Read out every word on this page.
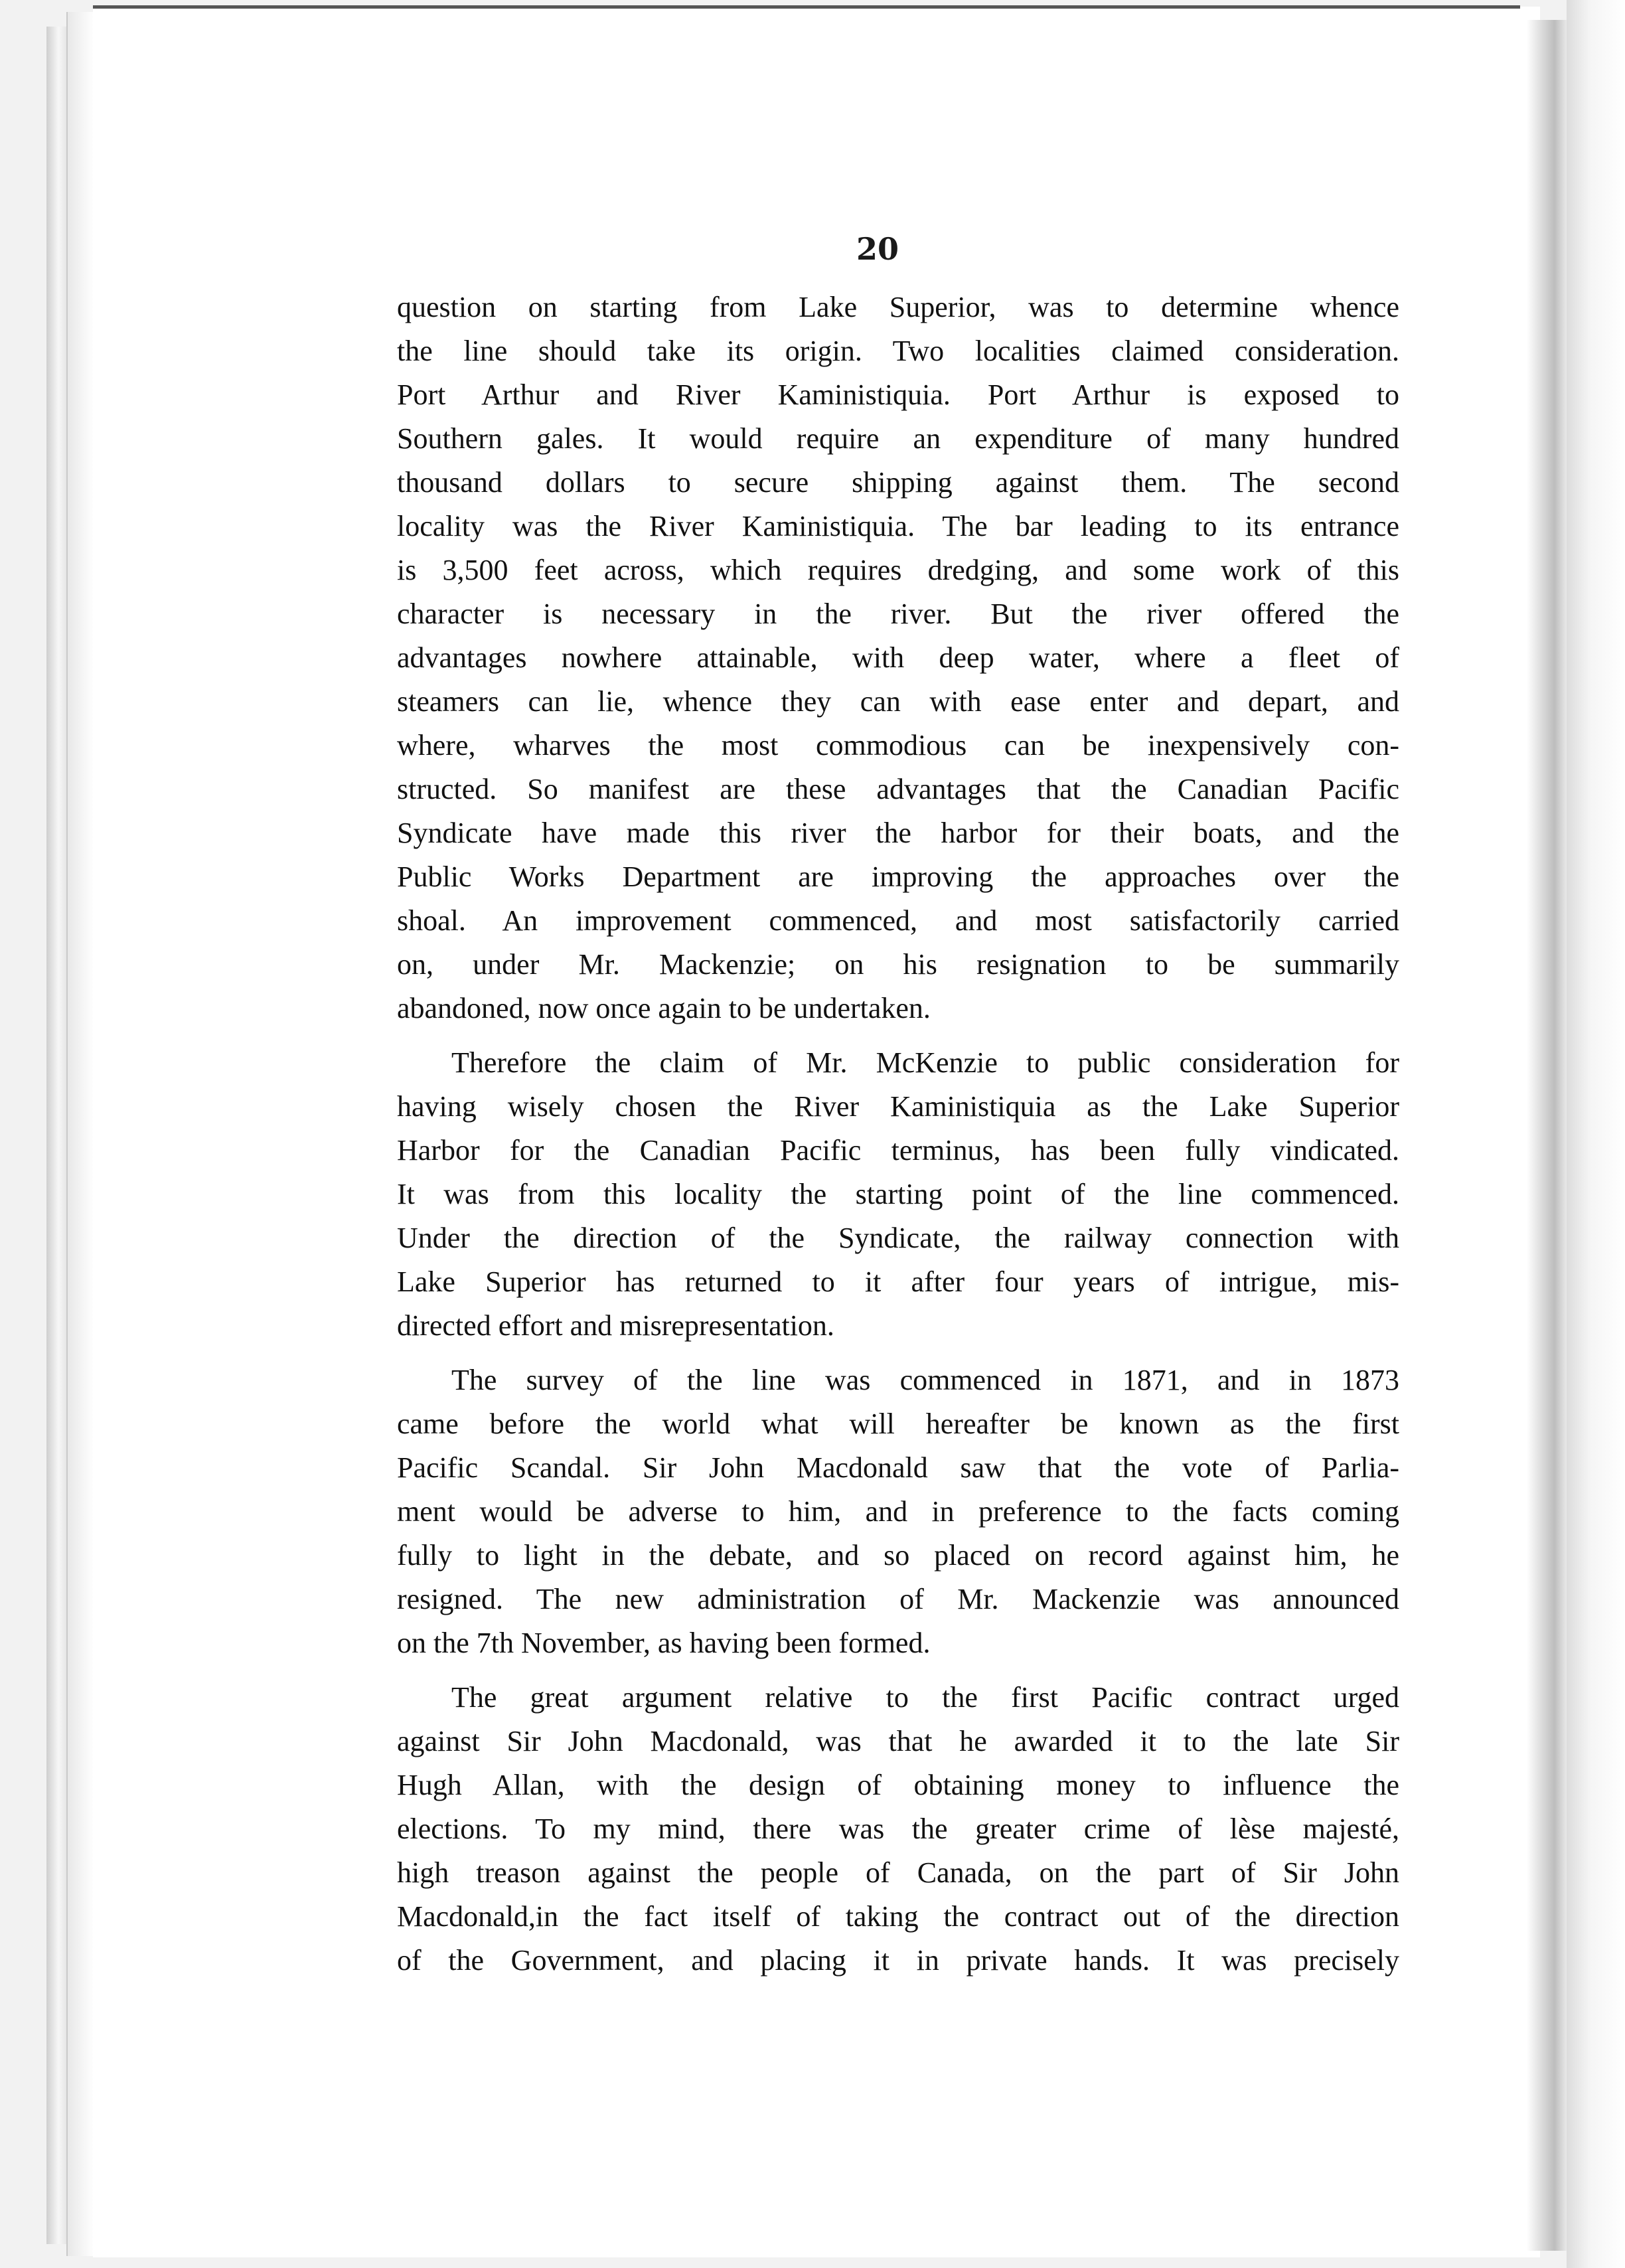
20
question on starting from Lake Superior, was to determine whence
the line should take its origin. Two localities claimed consideration.
Port Arthur and River Kaministiquia. Port Arthur is exposed to
Southern gales. It would require an expenditure of many hundred
thousand dollars to secure shipping against them. The second
locality was the River Kaministiquia. The bar leading to its entrance
is 3,500 feet across, which requires dredging, and some work of this
character is necessary in the river. But the river offered the
advantages nowhere attainable, with deep water, where a fleet of
steamers can lie, whence they can with ease enter and depart, and
where, wharves the most commodious can be inexpensively con-
structed. So manifest are these advantages that the Canadian Pacific
Syndicate have made this river the harbor for their boats, and the
Public Works Department are improving the approaches over the
shoal. An improvement commenced, and most satisfactorily carried
on, under Mr. Mackenzie; on his resignation to be summarily
abandoned, now once again to be undertaken.
Therefore the claim of Mr. McKenzie to public consideration for
having wisely chosen the River Kaministiquia as the Lake Superior
Harbor for the Canadian Pacific terminus, has been fully vindicated.
It was from this locality the starting point of the line commenced.
Under the direction of the Syndicate, the railway connection with
Lake Superior has returned to it after four years of intrigue, mis-
directed effort and misrepresentation.
The survey of the line was commenced in 1871, and in 1873
came before the world what will hereafter be known as the first
Pacific Scandal. Sir John Macdonald saw that the vote of Parlia-
ment would be adverse to him, and in preference to the facts coming
fully to light in the debate, and so placed on record against him, he
resigned. The new administration of Mr. Mackenzie was announced
on the 7th November, as having been formed.
The great argument relative to the first Pacific contract urged
against Sir John Macdonald, was that he awarded it to the late Sir
Hugh Allan, with the design of obtaining money to influence the
elections. To my mind, there was the greater crime of lèse majesté,
high treason against the people of Canada, on the part of Sir John
Macdonald,in the fact itself of taking the contract out of the direction
of the Government, and placing it in private hands. It was precisely
